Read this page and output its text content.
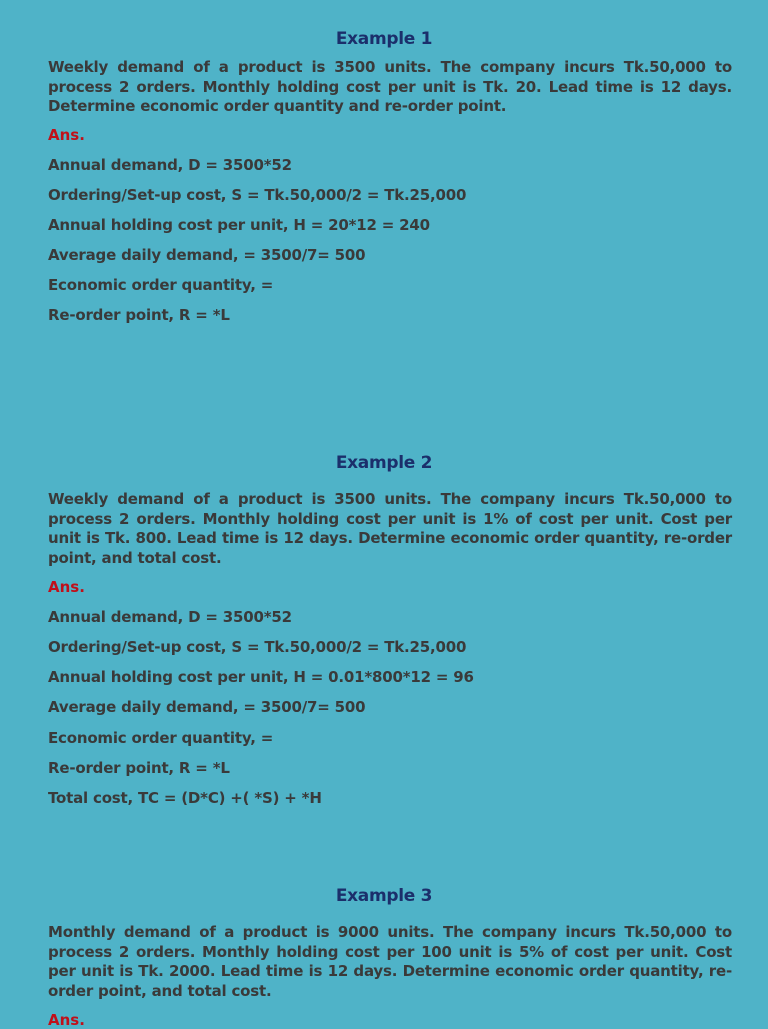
Example 1
Weekly demand of a product is 3500 units. The company incurs Tk.50,000 to process 2 orders. Monthly holding cost per unit is Tk. 20. Lead time is 12 days. Determine economic order quantity and re-order point.
Ans.
Annual demand, D = 3500*52
Ordering/Set-up cost, S = Tk.50,000/2 = Tk.25,000
Annual holding cost per unit, H = 20*12 = 240
Average daily demand, = 3500/7= 500
Economic order quantity, =
Re-order point, R = *L
Example 2
Weekly demand of a product is 3500 units. The company incurs Tk.50,000 to process 2 orders. Monthly holding cost per unit is 1% of cost per unit. Cost per unit is Tk. 800. Lead time is 12 days. Determine economic order quantity, re-order point, and total cost.
Ans.
Annual demand, D = 3500*52
Ordering/Set-up cost, S = Tk.50,000/2 = Tk.25,000
Annual holding cost per unit, H = 0.01*800*12 = 96
Average daily demand, = 3500/7= 500
Economic order quantity, =
Re-order point, R = *L
Total cost, TC = (D*C) +( *S) + *H
Example 3
Monthly demand of a product is 9000 units. The company incurs Tk.50,000 to process 2 orders. Monthly holding cost per 100 unit is 5% of cost per unit. Cost per unit is Tk. 2000. Lead time is 12 days. Determine economic order quantity, re-order point, and total cost.
Ans.
